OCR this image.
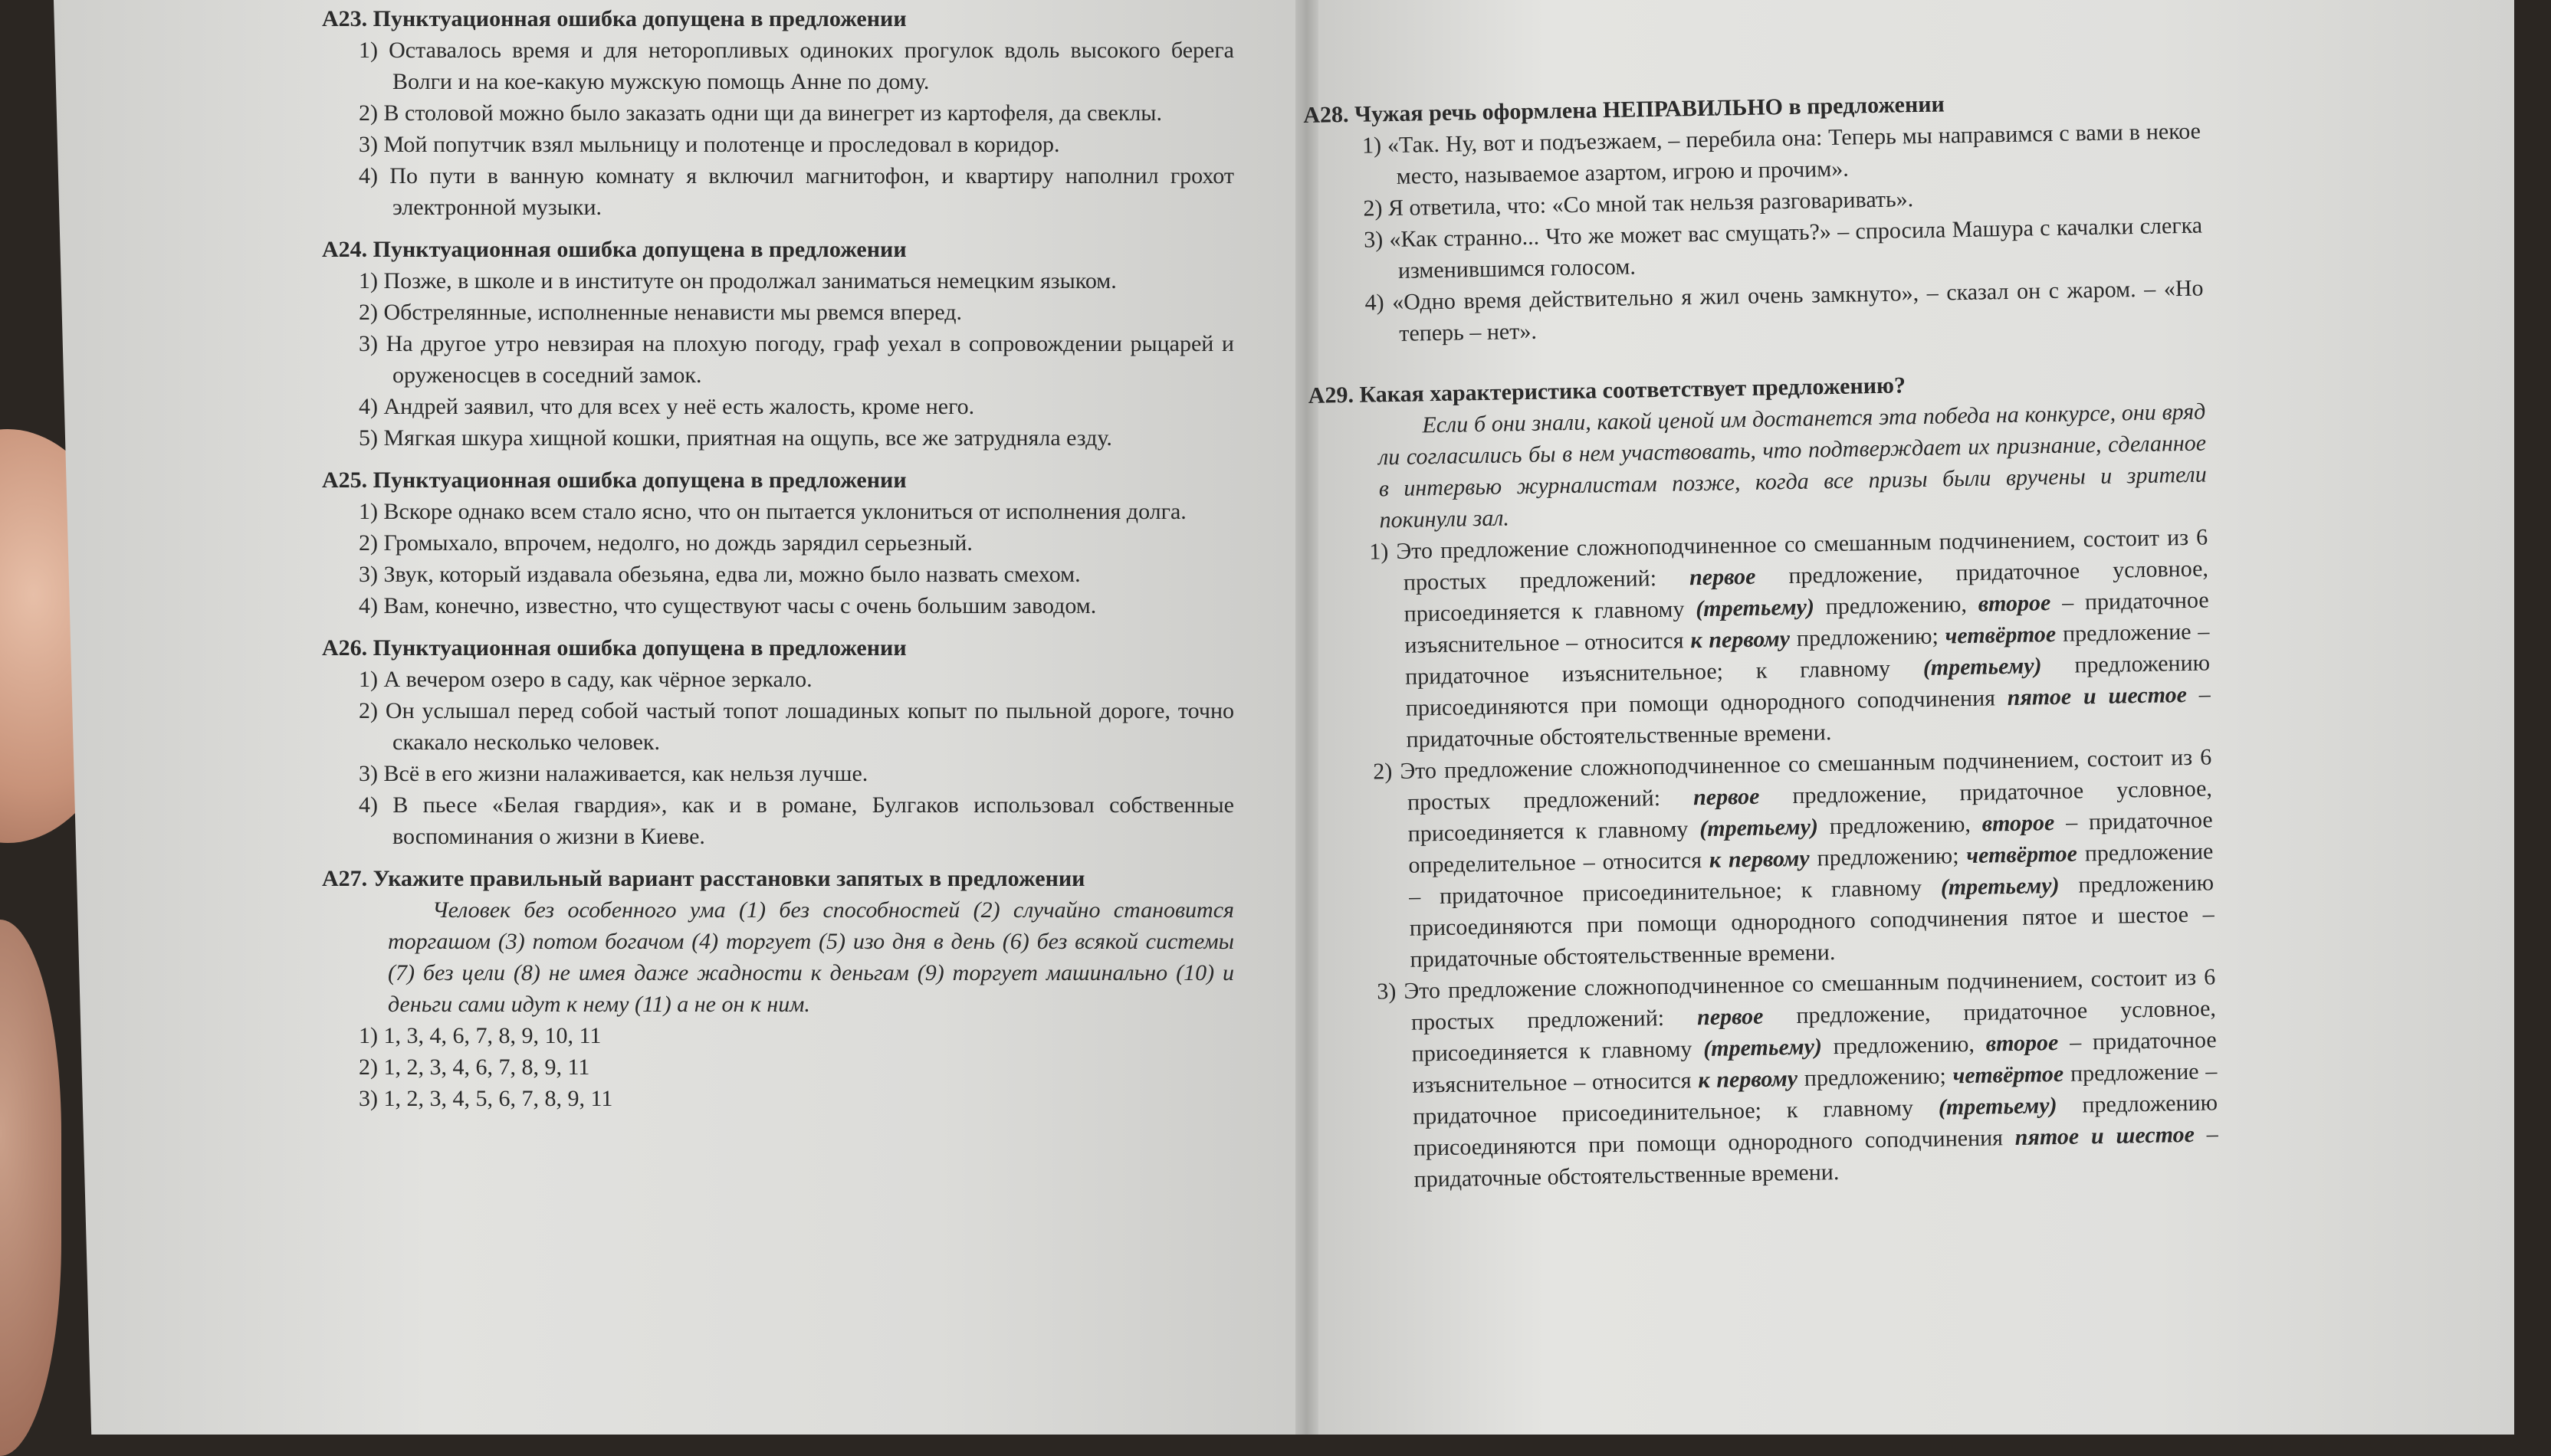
А23. Пунктуационная ошибка допущена в предложении

1) Оставалось время и для неторопливых одиноких прогулок вдоль высокого берега Волги и на кое-какую мужскую помощь Анне по дому.

2) В столовой можно было заказать одни щи да винегрет из картофеля, да свеклы.

3) Мой попутчик взял мыльницу и полотенце и проследовал в коридор.

4) По пути в ванную комнату я включил магнитофон, и квартиру наполнил грохот электронной музыки.

А24. Пунктуационная ошибка допущена в предложении

1) Позже, в школе и в институте он продолжал заниматься немецким языком.

2) Обстрелянные, исполненные ненависти мы рвемся вперед.

3) На другое утро невзирая на плохую погоду, граф уехал в сопровождении рыцарей и оруженосцев в соседний замок.

4) Андрей заявил, что для всех у неё есть жалость, кроме него.

5) Мягкая шкура хищной кошки, приятная на ощупь, все же затрудняла езду.

А25. Пунктуационная ошибка допущена в предложении

1) Вскоре однако всем стало ясно, что он пытается уклониться от исполнения долга.

2) Громыхало, впрочем, недолго, но дождь зарядил серьезный.

3) Звук, который издавала обезьяна, едва ли, можно было назвать смехом.

4) Вам, конечно, известно, что существуют часы с очень большим заводом.

А26. Пунктуационная ошибка допущена в предложении

1) А вечером озеро в саду, как чёрное зеркало.

2) Он услышал перед собой частый топот лошадиных копыт по пыльной дороге, точно скакало несколько человек.

3) Всё в его жизни налаживается, как нельзя лучше.

4) В пьесе «Белая гвардия», как и в романе, Булгаков использовал собственные воспоминания о жизни в Киеве.

А27. Укажите правильный вариант расстановки запятых в предложении

Человек без особенного ума (1) без способностей (2) случайно становится торгашом (3) потом богачом (4) торгует (5) изо дня в день (6) без всякой системы (7) без цели (8) не имея даже жадности к деньгам (9) торгует машинально (10) и деньги сами идут к нему (11) а не он к ним.

1) 1, 3, 4, 6, 7, 8, 9, 10, 11

2) 1, 2, 3, 4, 6, 7, 8, 9, 11

3) 1, 2, 3, 4, 5, 6, 7, 8, 9, 11

А28. Чужая речь оформлена НЕПРАВИЛЬНО в предложении

1) «Так. Ну, вот и подъезжаем, – перебила она: Теперь мы направимся с вами в некое место, называемое азартом, игрою и прочим».

2) Я ответила, что: «Со мной так нельзя разговаривать».

3) «Как странно... Что же может вас смущать?» – спросила Машура с качалки слегка изменившимся голосом.

4) «Одно время действительно я жил очень замкнуто», – сказал он с жаром. – «Но теперь – нет».

А29. Какая характеристика соответствует предложению?

Если б они знали, какой ценой им достанется эта победа на конкурсе, они вряд ли согласились бы в нем участвовать, что подтверждает их признание, сделанное в интервью журналистам позже, когда все призы были вручены и зрители покинули зал.

1) Это предложение сложноподчиненное со смешанным подчинением, состоит из 6 простых предложений: первое предложение, придаточное условное, присоединяется к главному (третьему) предложению, второе – придаточное изъяснительное – относится к первому предложению; четвёртое предложение – придаточное изъяснительное; к главному (третьему) предложению присоединяются при помощи однородного соподчинения пятое и шестое – придаточные обстоятельственные времени.

2) Это предложение сложноподчиненное со смешанным подчинением, состоит из 6 простых предложений: первое предложение, придаточное условное, присоединяется к главному (третьему) предложению, второе – придаточное определительное – относится к первому предложению; четвёртое предложение – придаточное присоединительное; к главному (третьему) предложению присоединяются при помощи однородного соподчинения пятое и шестое – придаточные обстоятельственные времени.

3) Это предложение сложноподчиненное со смешанным подчинением, состоит из 6 простых предложений: первое предложение, придаточное условное, присоединяется к главному (третьему) предложению, второе – придаточное изъяснительное – относится к первому предложению; четвёртое предложение – придаточное присоединительное; к главному (третьему) предложению присоединяются при помощи однородного соподчинения пятое и шестое – придаточные обстоятельственные времени.
